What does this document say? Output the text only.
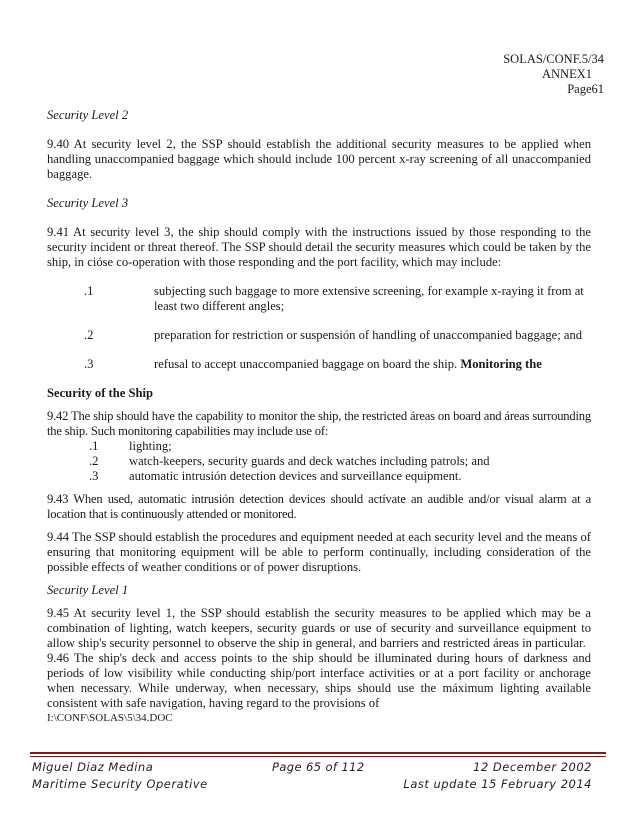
SOLAS/CONF.5/34
ANNEX1
Page61

Security Level 2

9.40 At security level 2, the SSP should establish the additional security measures to be applied when handling unaccompanied baggage which should include 100 percent x-ray screening of all unaccompanied baggage.

Security Level 3

9.41 At security level 3, the ship should comply with the instructions issued by those responding to the security incident or threat thereof. The SSP should detail the security measures which could be taken by the ship, in cióse co-operation with those responding and the port facility, which may include:

.1	subjecting such baggage to more extensive screening, for example x-raying it from at least two different angles;
.2	preparation for restriction or suspensión of handling of unaccompanied baggage; and
.3	refusal to accept unaccompanied baggage on board the ship. Monitoring the

Security of the Ship

9.42 The ship should have the capability to monitor the ship, the restricted áreas on board and áreas surrounding the ship. Such monitoring capabilities may include use of:

.1	lighting;
.2	watch-keepers, security guards and deck watches including patrols; and
.3	automatic intrusión detection devices and surveillance equipment.

9.43 When used, automatic intrusión detection devices should actívate an audible and/or visual alarm at a location that is continuously attended or monitored.

9.44 The SSP should establish the procedures and equipment needed at each security level and the means of ensuring that monitoring equipment will be able to perform continually, including consideration of the possible effects of weather conditions or of power disruptions.

Security Level 1

9.45 At security level 1, the SSP should establish the security measures to be applied which may be a combination of lighting, watch keepers, security guards or use of security and surveillance equipment to allow ship's security personnel to observe the ship in general, and barriers and restricted áreas in particular.

9.46 The ship's deck and access points to the ship should be illuminated during hours of darkness and periods of low visibility while conducting ship/port interface activities or at a port facility or anchorage when necessary. While underway, when necessary, ships should use the máximum lighting available consistent with safe navigation, having regard to the provisions of

I:\CONF\SOLAS\5\34.DOC

Miguel Diaz Medina	Page 65 of 112	12 December 2002
Maritime Security Operative	Last update 15 February 2014
